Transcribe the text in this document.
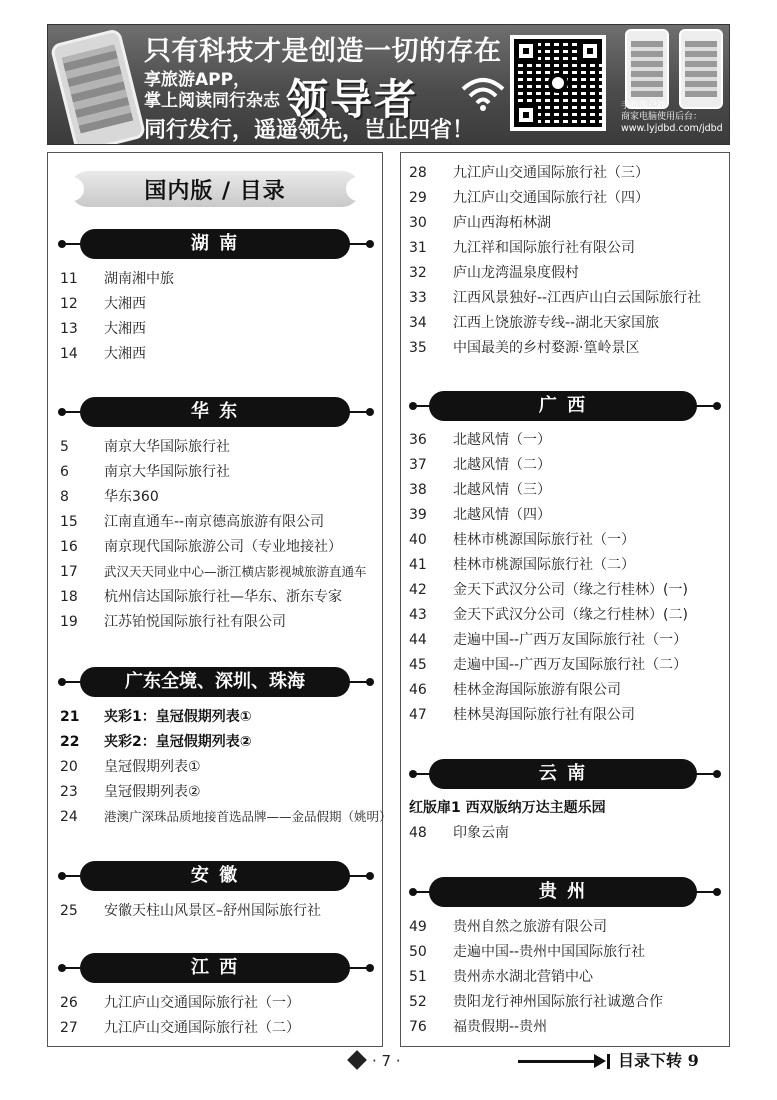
只有科技才是创造一切的存在
享旅游APP，
掌上阅读同行杂志 领导者
同行发行，遥遥领先，岂止四省！
手机客户端
商家电脑使用后台：
www.lyjdbd.com/jdbd
国内版 / 目录
湖 南
11	湖南湘中旅
12	大湘西
13	大湘西
14	大湘西
华 东
5	南京大华国际旅行社
6	南京大华国际旅行社
8	华东360
15	江南直通车--南京德高旅游有限公司
16	南京现代国际旅游公司（专业地接社）
17	武汉天天同业中心—浙江横店影视城旅游直通车
18	杭州信达国际旅行社—华东、浙东专家
19	江苏铂悦国际旅行社有限公司
广东全境、深圳、珠海
21	夹彩1：皇冠假期列表①
22	夹彩2：皇冠假期列表②
20	皇冠假期列表①
23	皇冠假期列表②
24	港澳广深珠品质地接首选品牌——金品假期（姚明）
安 徽
25	安徽天柱山风景区–舒州国际旅行社
江 西
26	九江庐山交通国际旅行社（一）
27	九江庐山交通国际旅行社（二）
28	九江庐山交通国际旅行社（三）
29	九江庐山交通国际旅行社（四）
30	庐山西海柘林湖
31	九江祥和国际旅行社有限公司
32	庐山龙湾温泉度假村
33	江西风景独好--江西庐山白云国际旅行社
34	江西上饶旅游专线--湖北天家国旅
35	中国最美的乡村婺源·篁岭景区
广 西
36	北越风情（一）
37	北越风情（二）
38	北越风情（三）
39	北越风情（四）
40	桂林市桃源国际旅行社（一）
41	桂林市桃源国际旅行社（二）
42	金天下武汉分公司（缘之行桂林）(一)
43	金天下武汉分公司（缘之行桂林）(二)
44	走遍中国--广西万友国际旅行社（一）
45	走遍中国--广西万友国际旅行社（二）
46	桂林金海国际旅游有限公司
47	桂林昊海国际旅行社有限公司
云 南
红版扉1 西双版纳万达主题乐园
48	印象云南
贵 州
49	贵州自然之旅游有限公司
50	走遍中国--贵州中国国际旅行社
51	贵州赤水湖北营销中心
52	贵阳龙行神州国际旅行社诚邀合作
76	福贵假期--贵州
· 7 ·	目录下转 9
